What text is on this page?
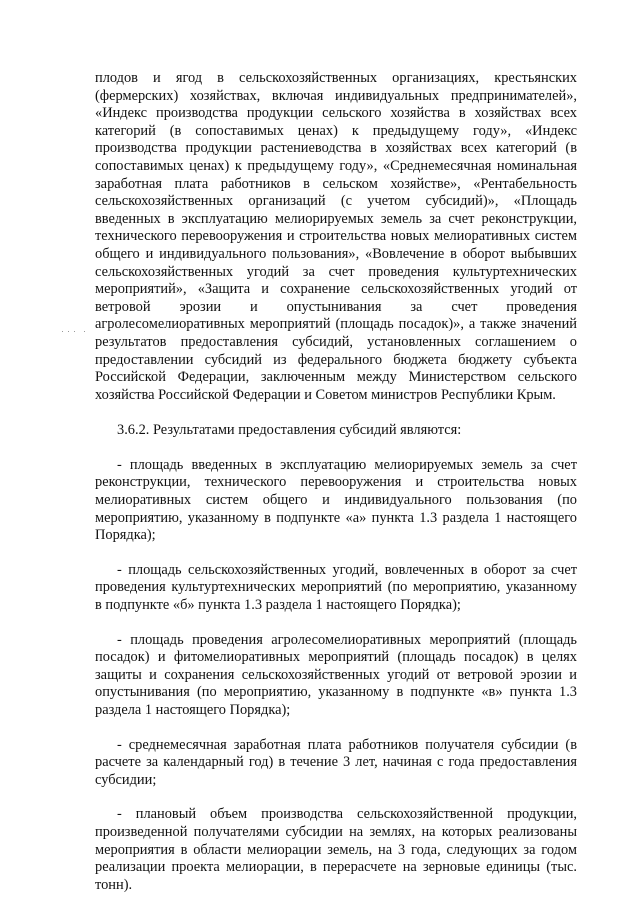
плодов и ягод в сельскохозяйственных организациях, крестьянских (фермерских) хозяйствах, включая индивидуальных предпринимателей», «Индекс производства продукции сельского хозяйства в хозяйствах всех категорий (в сопоставимых ценах) к предыдущему году», «Индекс производства продукции растениеводства в хозяйствах всех категорий (в сопоставимых ценах) к предыдущему году», «Среднемесячная номинальная заработная плата работников в сельском хозяйстве», «Рентабельность сельскохозяйственных организаций (с учетом субсидий)», «Площадь введенных в эксплуатацию мелиорируемых земель за счет реконструкции, технического перевооружения и строительства новых мелиоративных систем общего и индивидуального пользования», «Вовлечение в оборот выбывших сельскохозяйственных угодий за счет проведения культуртехнических мероприятий», «Защита и сохранение сельскохозяйственных угодий от ветровой эрозии и опустынивания за счет проведения агролесомелиоративных мероприятий (площадь посадок)», а также значений результатов предоставления субсидий, установленных соглашением о предоставлении субсидий из федерального бюджета бюджету субъекта Российской Федерации, заключенным между Министерством сельского хозяйства Российской Федерации и Советом министров Республики Крым.

3.6.2. Результатами предоставления субсидий являются:

- площадь введенных в эксплуатацию мелиорируемых земель за счет реконструкции, технического перевооружения и строительства новых мелиоративных систем общего и индивидуального пользования (по мероприятию, указанному в подпункте «а» пункта 1.3 раздела 1 настоящего Порядка);

- площадь сельскохозяйственных угодий, вовлеченных в оборот за счет проведения культуртехнических мероприятий (по мероприятию, указанному в подпункте «б» пункта 1.3 раздела 1 настоящего Порядка);

- площадь проведения агролесомелиоративных мероприятий (площадь посадок) и фитомелиоративных мероприятий (площадь посадок) в целях защиты и сохранения сельскохозяйственных угодий от ветровой эрозии и опустынивания (по мероприятию, указанному в подпункте «в» пункта 1.3 раздела 1 настоящего Порядка);

- среднемесячная заработная плата работников получателя субсидии (в расчете за календарный год) в течение 3 лет, начиная с года предоставления субсидии;

- плановый объем производства сельскохозяйственной продукции, произведенной получателями субсидии на землях, на которых реализованы мероприятия в области мелиорации земель, на 3 года, следующих за годом реализации проекта мелиорации, в перерасчете на зерновые единицы (тыс. тонн).
